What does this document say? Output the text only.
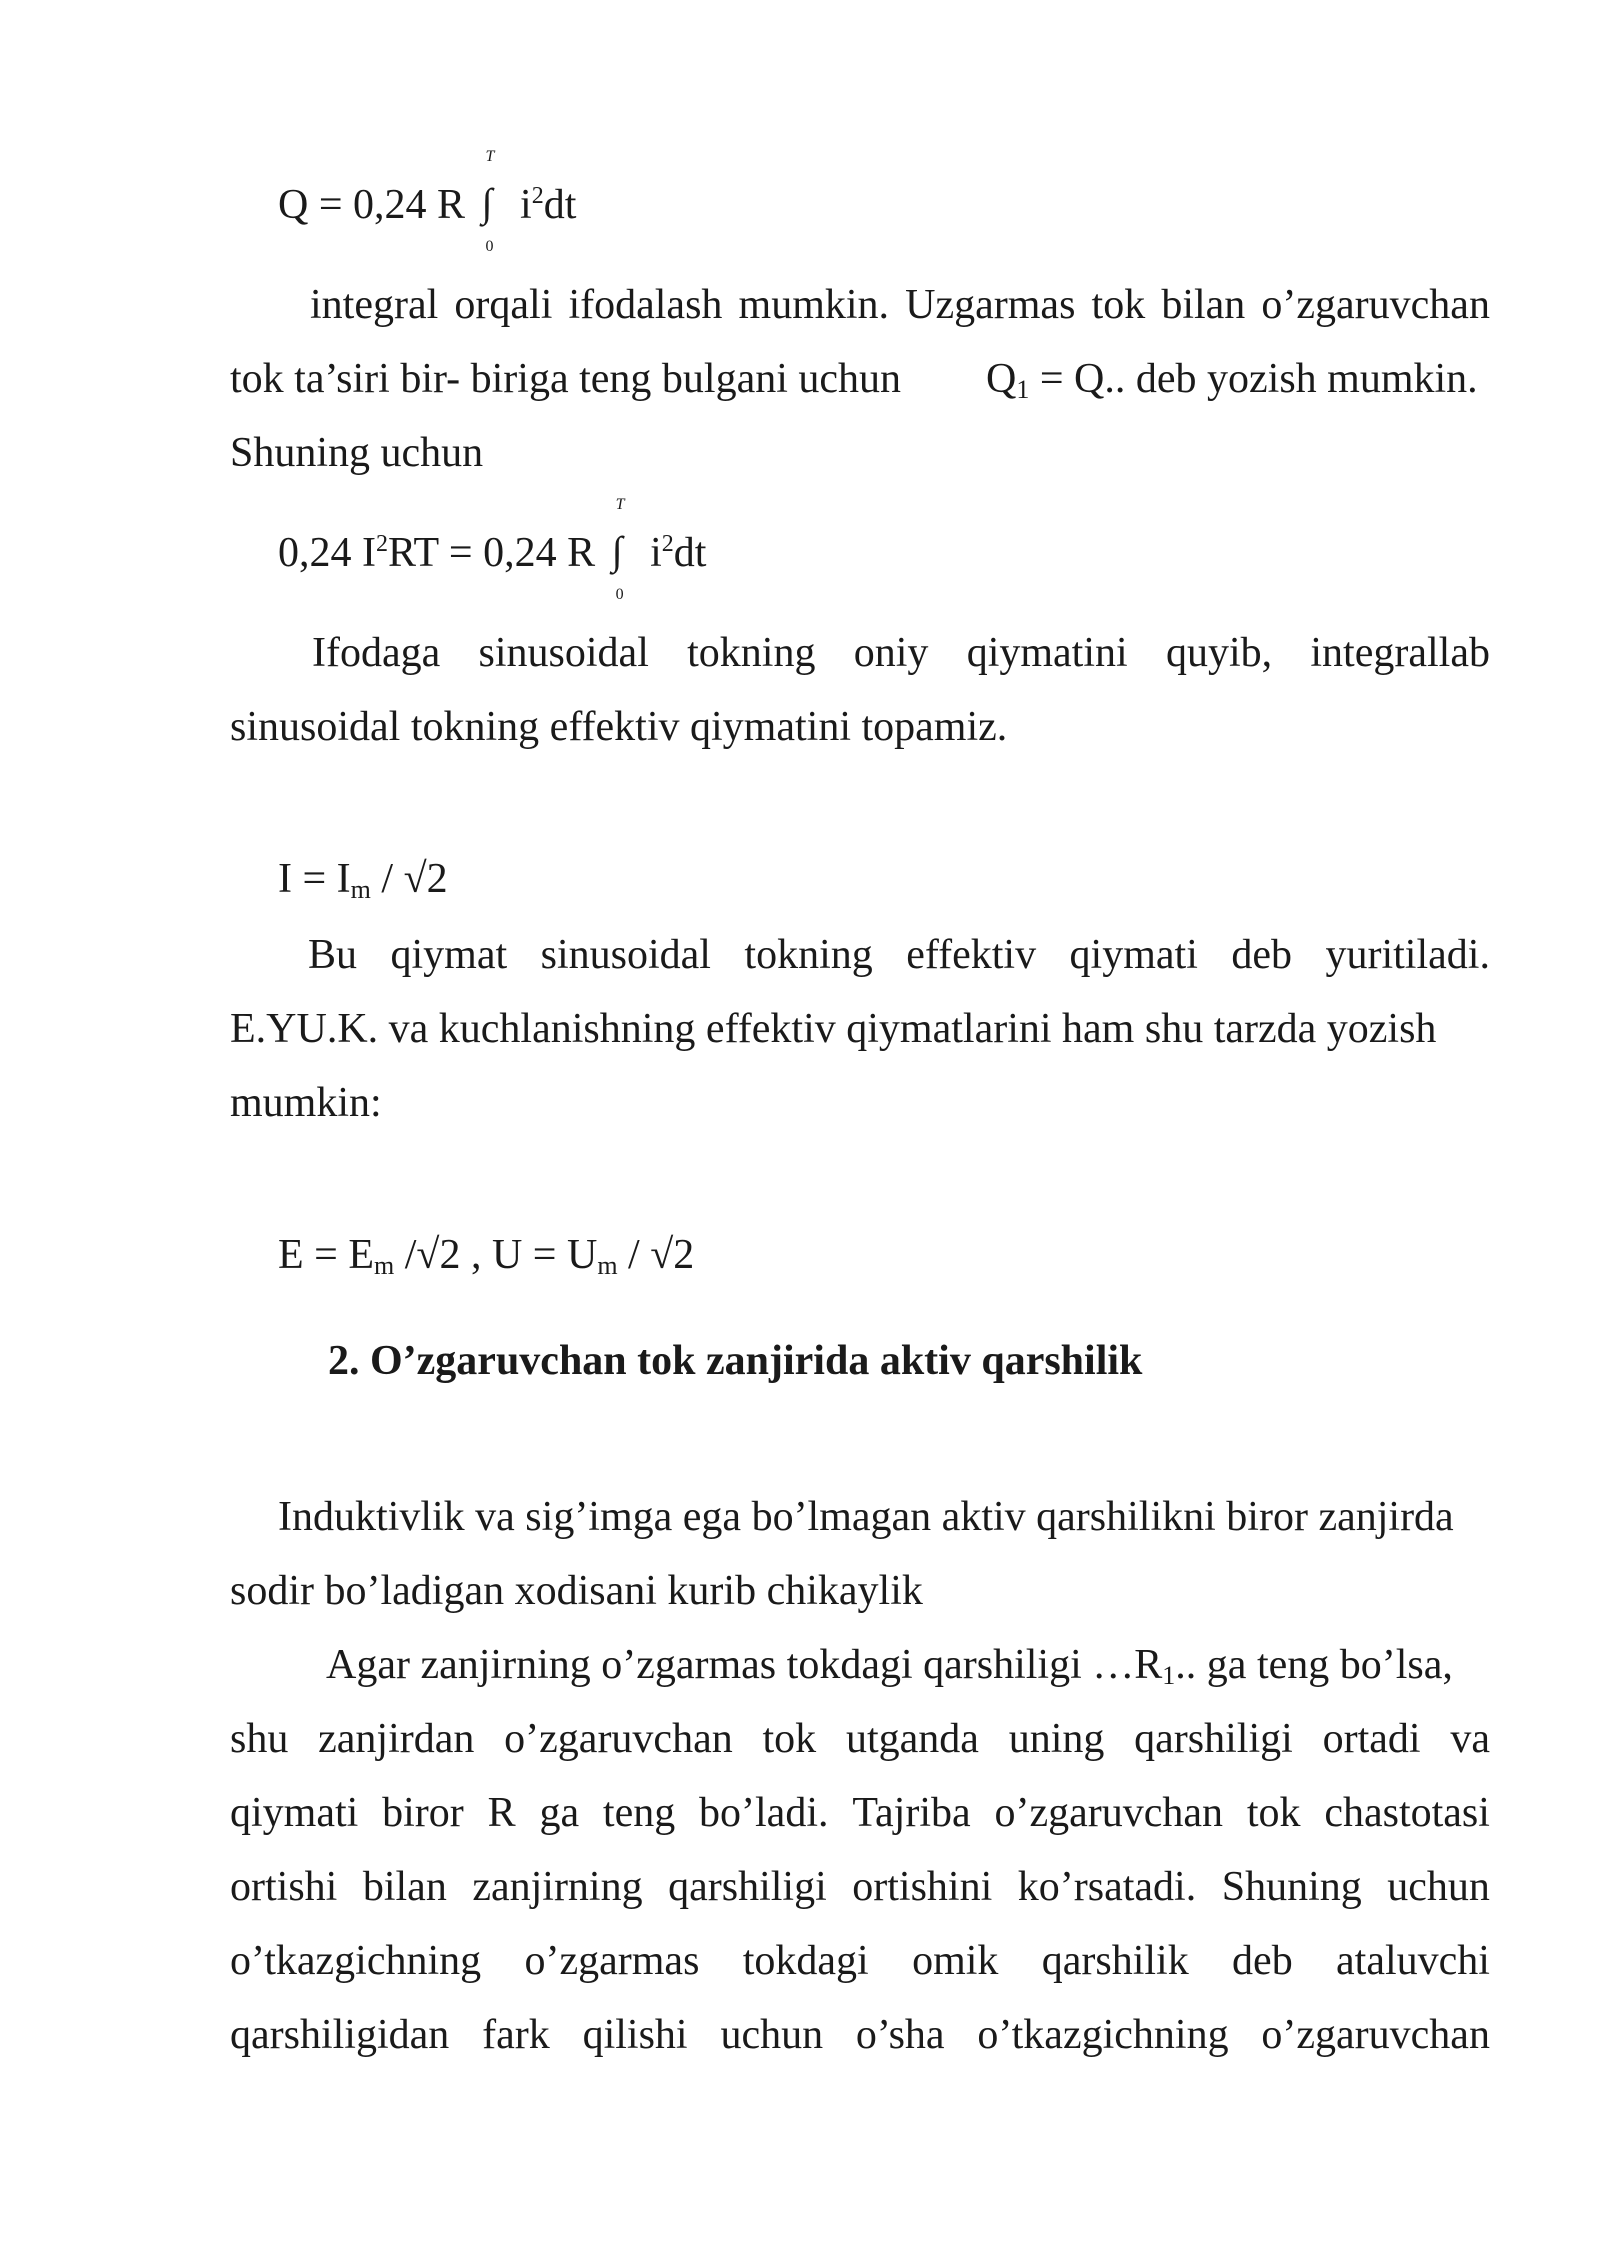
Q = 0,24 R
T
∫
0
$i^2dt$
integral orqali ifodalash mumkin. Uzgarmas tok bilan o’zgaruvchan
tok ta’siri bir- biriga teng bulgani uchun Q1 = Q.. deb yozish mumkin.
Shuning uchun
0,24 $I^2RT = 0,24$ R
T
∫
0
$i^2dt$
Ifodaga sinusoidal tokning oniy qiymatini quyib, integrallab
sinusoidal tokning effektiv qiymatini topamiz.
I = Im / √2
Bu qiymat sinusoidal tokning effektiv qiymati deb yuritiladi.
E.YU.K. va kuchlanishning effektiv qiymatlarini ham shu tarzda yozish
mumkin:
E = Em /√2 , U = Um / √2
2. O’zgaruvchan tok zanjirida aktiv qarshilik
Induktivlik va sig’imga ega bo’lmagan aktiv qarshilikni biror zanjirda
sodir bo’ladigan xodisani kurib chikaylik
Agar zanjirning o’zgarmas tokdagi qarshiligi …R1.. ga teng bo’lsa,
shu zanjirdan o’zgaruvchan tok utganda uning qarshiligi ortadi va
qiymati biror R ga teng bo’ladi. Tajriba o’zgaruvchan tok chastotasi
ortishi bilan zanjirning qarshiligi ortishini ko’rsatadi. Shuning uchun
o’tkazgichning o’zgarmas tokdagi omik qarshilik deb ataluvchi
qarshiligidan fark qilishi uchun o’sha o’tkazgichning o’zgaruvchan
